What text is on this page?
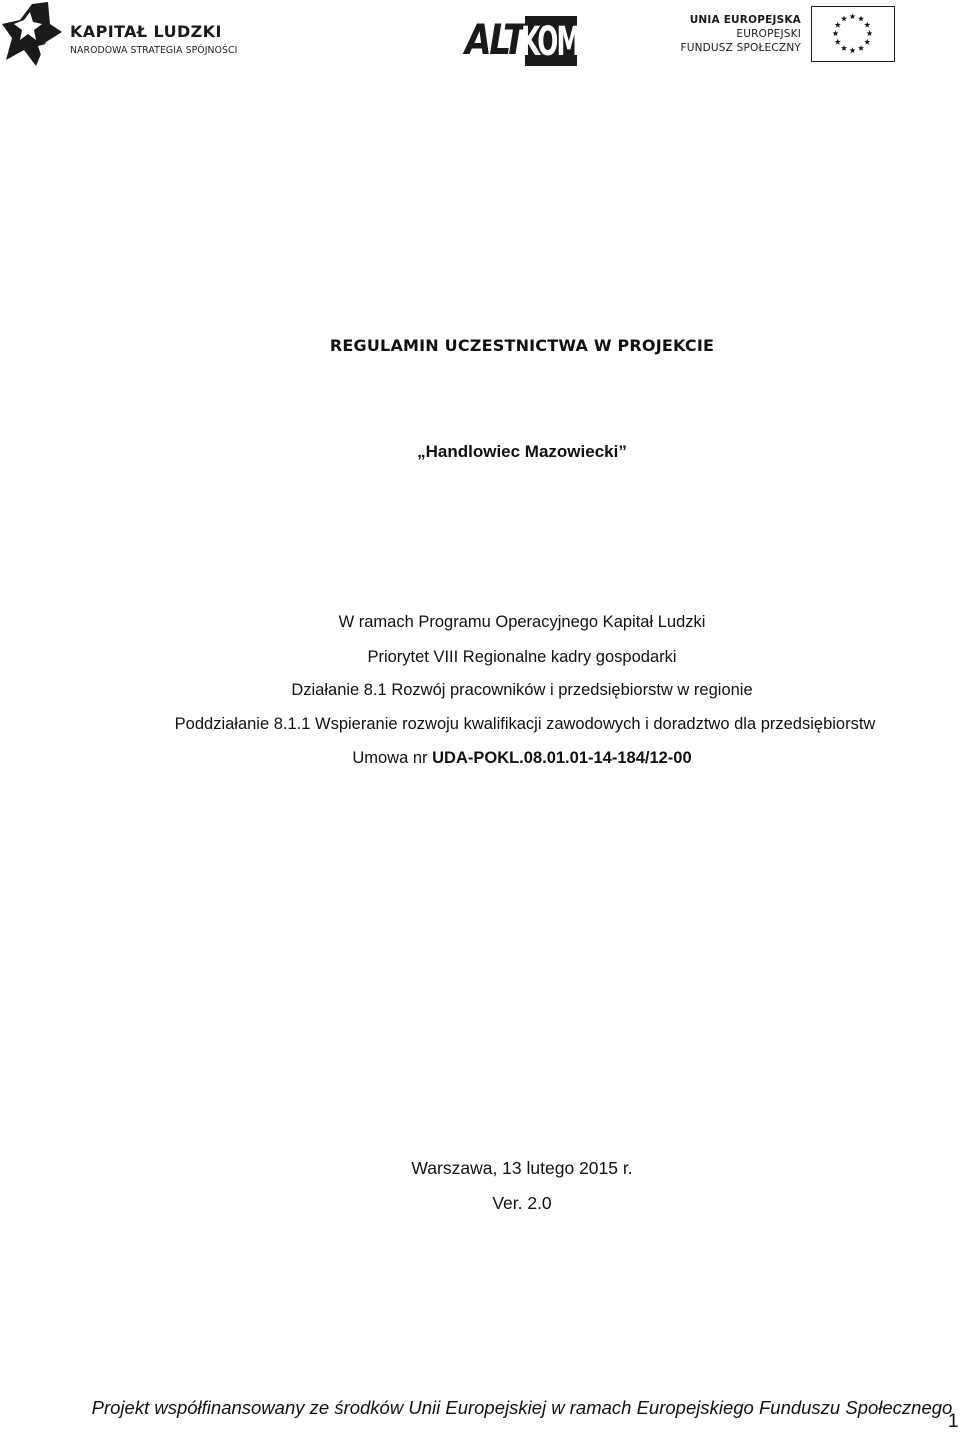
KAPITAŁ LUDZKI
NARODOWA STRATEGIA SPÓJNOŚCI	ALT
KOM	UNIA EUROPEJSKA
EUROPEJSKI
FUNDUSZ SPOŁECZNY
REGULAMIN UCZESTNICTWA W PROJEKCIE
„Handlowiec Mazowiecki”
W ramach Programu Operacyjnego Kapitał Ludzki
Priorytet VIII Regionalne kadry gospodarki
Działanie 8.1 Rozwój pracowników i przedsiębiorstw w regionie
Poddziałanie 8.1.1 Wspieranie rozwoju kwalifikacji zawodowych i doradztwo dla przedsiębiorstw
Umowa nr UDA-POKL.08.01.01-14-184/12-00
Warszawa, 13 lutego 2015 r.
Ver. 2.0
Projekt współfinansowany ze środków Unii Europejskiej w ramach Europejskiego Funduszu Społecznego
1
